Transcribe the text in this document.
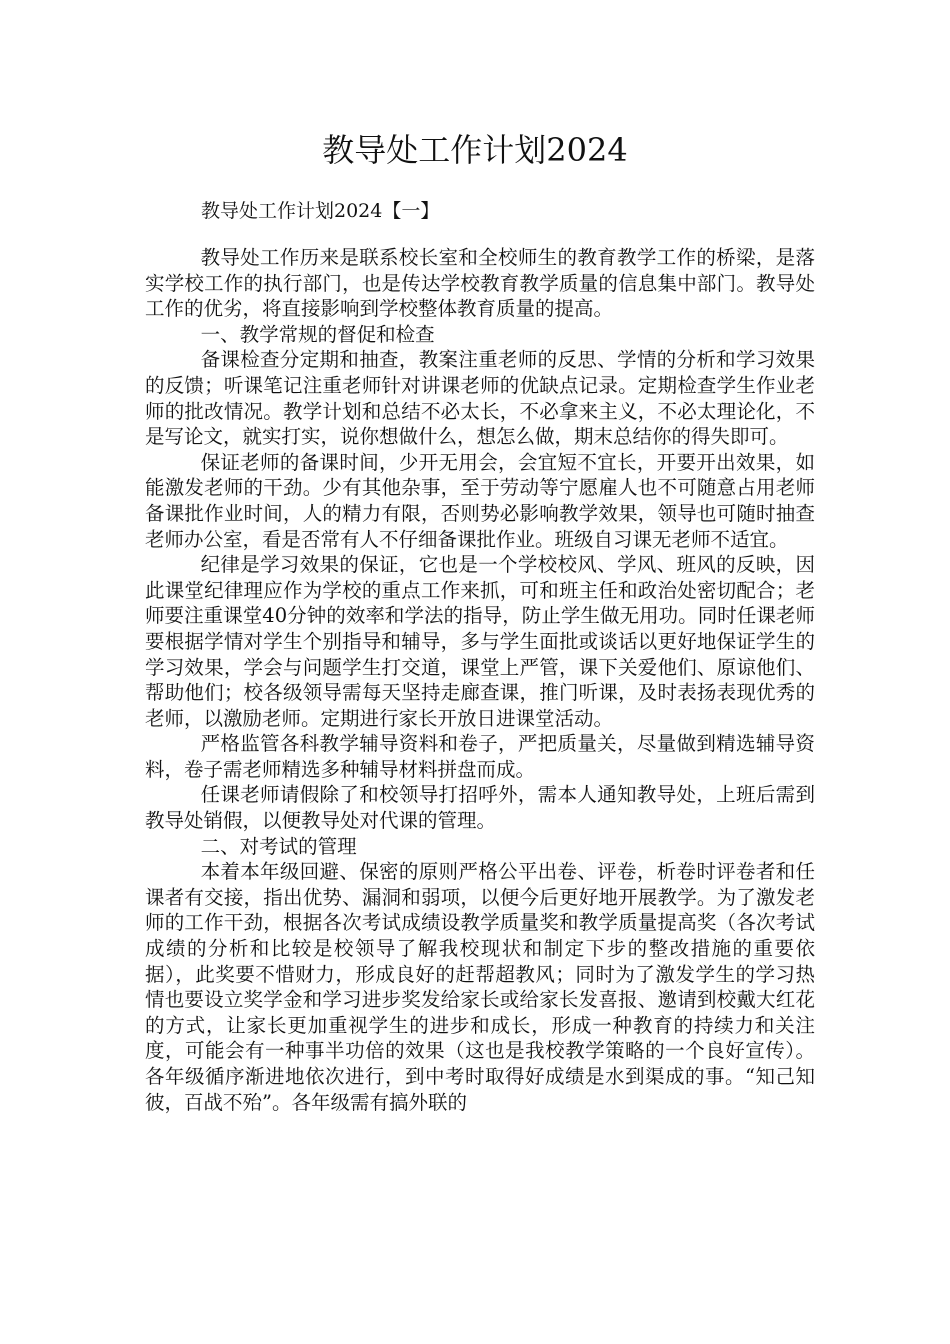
教导处工作计划2024

教导处工作计划2024【一】

教导处工作历来是联系校长室和全校师生的教育教学工作的桥梁，是落实学校工作的执行部门，也是传达学校教育教学质量的信息集中部门。教导处工作的优劣，将直接影响到学校整体教育质量的提高。

一、教学常规的督促和检查

备课检查分定期和抽查，教案注重老师的反思、学情的分析和学习效果的反馈；听课笔记注重老师针对讲课老师的优缺点记录。定期检查学生作业老师的批改情况。教学计划和总结不必太长，不必拿来主义，不必太理论化，不是写论文，就实打实，说你想做什么，想怎么做，期末总结你的得失即可。

保证老师的备课时间，少开无用会，会宜短不宜长，开要开出效果，如能激发老师的干劲。少有其他杂事，至于劳动等宁愿雇人也不可随意占用老师备课批作业时间，人的精力有限，否则势必影响教学效果，领导也可随时抽查老师办公室，看是否常有人不仔细备课批作业。班级自习课无老师不适宜。

纪律是学习效果的保证，它也是一个学校校风、学风、班风的反映，因此课堂纪律理应作为学校的重点工作来抓，可和班主任和政治处密切配合；老师要注重课堂40分钟的效率和学法的指导，防止学生做无用功。同时任课老师要根据学情对学生个别指导和辅导，多与学生面批或谈话以更好地保证学生的学习效果，学会与问题学生打交道，课堂上严管，课下关爱他们、原谅他们、帮助他们；校各级领导需每天坚持走廊查课，推门听课，及时表扬表现优秀的老师，以激励老师。定期进行家长开放日进课堂活动。

严格监管各科教学辅导资料和卷子，严把质量关，尽量做到精选辅导资料，卷子需老师精选多种辅导材料拼盘而成。

任课老师请假除了和校领导打招呼外，需本人通知教导处，上班后需到教导处销假，以便教导处对代课的管理。

二、对考试的管理

本着本年级回避、保密的原则严格公平出卷、评卷，析卷时评卷者和任课者有交接，指出优势、漏洞和弱项，以便今后更好地开展教学。为了激发老师的工作干劲，根据各次考试成绩设教学质量奖和教学质量提高奖（各次考试成绩的分析和比较是校领导了解我校现状和制定下步的整改措施的重要依据），此奖要不惜财力，形成良好的赶帮超教风；同时为了激发学生的学习热情也要设立奖学金和学习进步奖发给家长或给家长发喜报、邀请到校戴大红花的方式，让家长更加重视学生的进步和成长，形成一种教育的持续力和关注度，可能会有一种事半功倍的效果（这也是我校教学策略的一个良好宣传）。各年级循序渐进地依次进行，到中考时取得好成绩是水到渠成的事。“知己知彼，百战不殆”。各年级需有搞外联的
